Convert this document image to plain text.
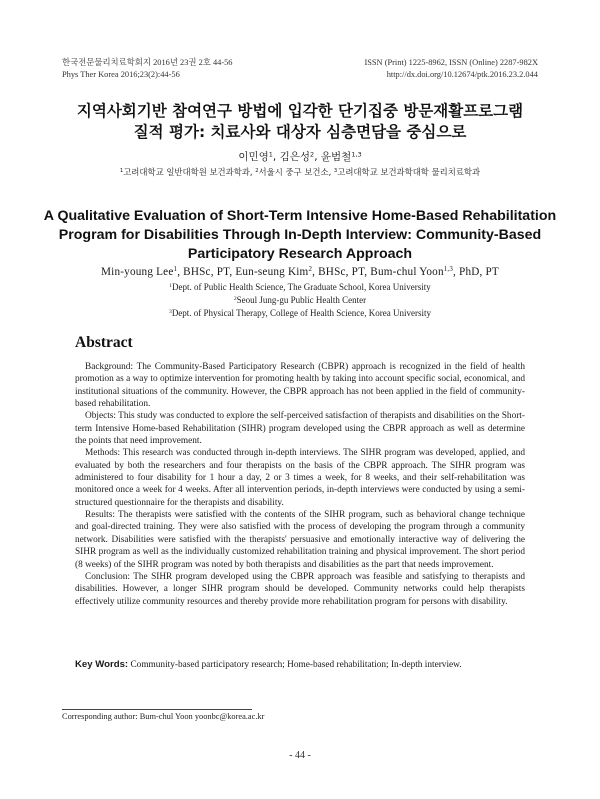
한국전문물리치료학회지 2016년 23권 2호 44-56
Phys Ther Korea 2016;23(2):44-56
ISSN (Print) 1225-8962, ISSN (Online) 2287-982X
http://dx.doi.org/10.12674/ptk.2016.23.2.044
지역사회기반 참여연구 방법에 입각한 단기집중 방문재활프로그램
질적 평가: 치료사와 대상자 심층면담을 중심으로
이민영$^1$, 김은성$^2$, 윤범철$^{1,3}$
$^1$고려대학교 일반대학원 보건과학과, $^2$서울시 중구 보건소, $^3$고려대학교 보건과학대학 물리치료학과
A Qualitative Evaluation of Short-Term Intensive Home-Based Rehabilitation
Program for Disabilities Through In-Depth Interview: Community-Based
Participatory Research Approach
Min-young Lee$^1$, BHSc, PT, Eun-seung Kim$^2$, BHSc, PT, Bum-chul Yoon$^{1,3}$, PhD, PT
$^1$Dept. of Public Health Science, The Graduate School, Korea University
$^2$Seoul Jung-gu Public Health Center
$^3$Dept. of Physical Therapy, College of Health Science, Korea University
Abstract

Background: The Community-Based Participatory Research (CBPR) approach is recognized in the field of health promotion as a way to optimize intervention for promoting health by taking into account specific social, economical, and institutional situations of the community. However, the CBPR approach has not been applied in the field of community-based rehabilitation.

Objects: This study was conducted to explore the self-perceived satisfaction of therapists and disabilities on the Short-term Intensive Home-based Rehabilitation (SIHR) program developed using the CBPR approach as well as determine the points that need improvement.

Methods: This research was conducted through in-depth interviews. The SIHR program was developed, applied, and evaluated by both the researchers and four therapists on the basis of the CBPR approach. The SIHR program was administered to four disability for 1 hour a day, 2 or 3 times a week, for 8 weeks, and their self-rehabilitation was monitored once a week for 4 weeks. After all intervention periods, in-depth interviews were conducted by using a semi-structured questionnaire for the therapists and disability.

Results: The therapists were satisfied with the contents of the SIHR program, such as behavioral change technique and goal-directed training. They were also satisfied with the process of developing the program through a community network. Disabilities were satisfied with the therapists' persuasive and emotionally interactive way of delivering the SIHR program as well as the individually customized rehabilitation training and physical improvement. The short period (8 weeks) of the SIHR program was noted by both therapists and disabilities as the part that needs improvement.

Conclusion: The SIHR program developed using the CBPR approach was feasible and satisfying to therapists and disabilities. However, a longer SIHR program should be developed. Community networks could help therapists effectively utilize community resources and thereby provide more rehabilitation program for persons with disability.

Key Words: Community-based participatory research; Home-based rehabilitation; In-depth interview.
Corresponding author: Bum-chul Yoon yoonbc@korea.ac.kr
- 44 -
